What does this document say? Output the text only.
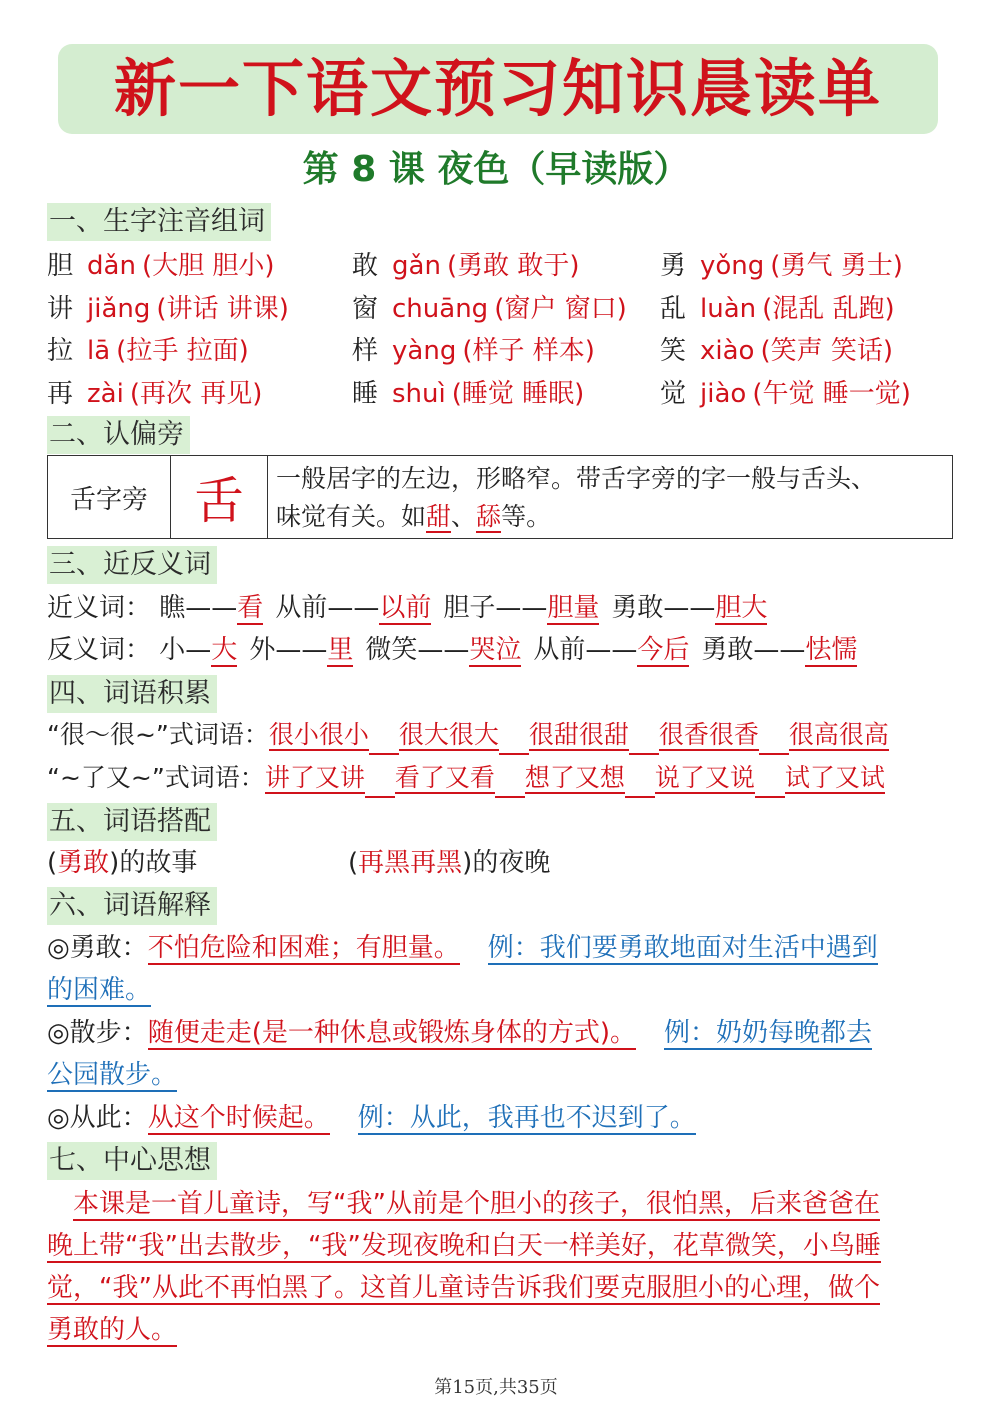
新一下语文预习知识晨读单
第 8 课 夜色（早读版）
一、生字注音组词
胆 dǎn (大胆 胆小)	敢 gǎn (勇敢 敢于)	勇 yǒng (勇气 勇士)
讲 jiǎng (讲话 讲课) 窗 chuāng (窗户 窗口) 乱 luàn (混乱 乱跑)
拉 lā (拉手 拉面)	样 yàng (样子 样本)	笑 xiào (笑声 笑话)
再 zài (再次 再见)	睡 shuì (睡觉 睡眠)	觉 jiào (午觉 睡一觉)
二、认偏旁
舌字旁 舌	一般居字的左边，形略窄。带舌字旁的字一般与舌头、
味觉有关。如甜、舔等。
三、近反义词
近义词： 瞧——看 从前——以前 胆子——胆量 勇敢——胆大
反义词： 小—大 外——里 微笑——哭泣 从前——今后 勇敢——怯懦
四、词语积累
“很～很~”式词语：很小很小 很大很大 很甜很甜 很香很香 很高很高
“~了又~”式词语：讲了又讲 看了又看 想了又想 说了又说 试了又试
五、词语搭配
(勇敢)的故事	(再黑再黑)的夜晚
六、词语解释
◎勇敢：不怕危险和困难；有胆量。 例：我们要勇敢地面对生活中遇到
的困难。
◎散步：随便走走(是一种休息或锻炼身体的方式)。 例：奶奶每晚都去
公园散步。
◎从此：从这个时候起。 例：从此，我再也不迟到了。
七、中心思想
本课是一首儿童诗，写“我”从前是个胆小的孩子，很怕黑，后来爸爸在
晚上带“我”出去散步，“我”发现夜晚和白天一样美好，花草微笑，小鸟睡
觉，“我”从此不再怕黑了。这首儿童诗告诉我们要克服胆小的心理，做个
勇敢的人。
第15页,共35页
